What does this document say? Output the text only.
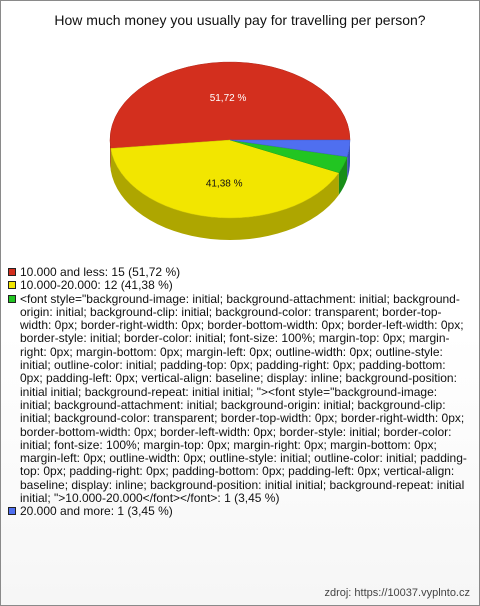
How much money you usually pay for travelling per person?
51,72 %
41,38 %
10.000 and less: 15 (51,72 %)
10.000-20.000: 12 (41,38 %)
<font style="background-image: initial; background-attachment: initial; background-origin: initial; background-clip: initial; background-color: transparent; border-top-width: 0px; border-right-width: 0px; border-bottom-width: 0px; border-left-width: 0px; border-style: initial; border-color: initial; font-size: 100%; margin-top: 0px; margin-right: 0px; margin-bottom: 0px; margin-left: 0px; outline-width: 0px; outline-style: initial; outline-color: initial; padding-top: 0px; padding-right: 0px; padding-bottom: 0px; padding-left: 0px; vertical-align: baseline; display: inline; background-position: initial initial; background-repeat: initial initial; "><font style="background-image: initial; background-attachment: initial; background-origin: initial; background-clip: initial; background-color: transparent; border-top-width: 0px; border-right-width: 0px; border-bottom-width: 0px; border-left-width: 0px; border-style: initial; border-color: initial; font-size: 100%; margin-top: 0px; margin-right: 0px; margin-bottom: 0px; margin-left: 0px; outline-width: 0px; outline-style: initial; outline-color: initial; padding-top: 0px; padding-right: 0px; padding-bottom: 0px; padding-left: 0px; vertical-align: baseline; display: inline; background-position: initial initial; background-repeat: initial initial; ">10.000-20.000</font></font>: 1 (3,45 %)
20.000 and more: 1 (3,45 %)
zdroj: https://10037.vyplnto.cz
